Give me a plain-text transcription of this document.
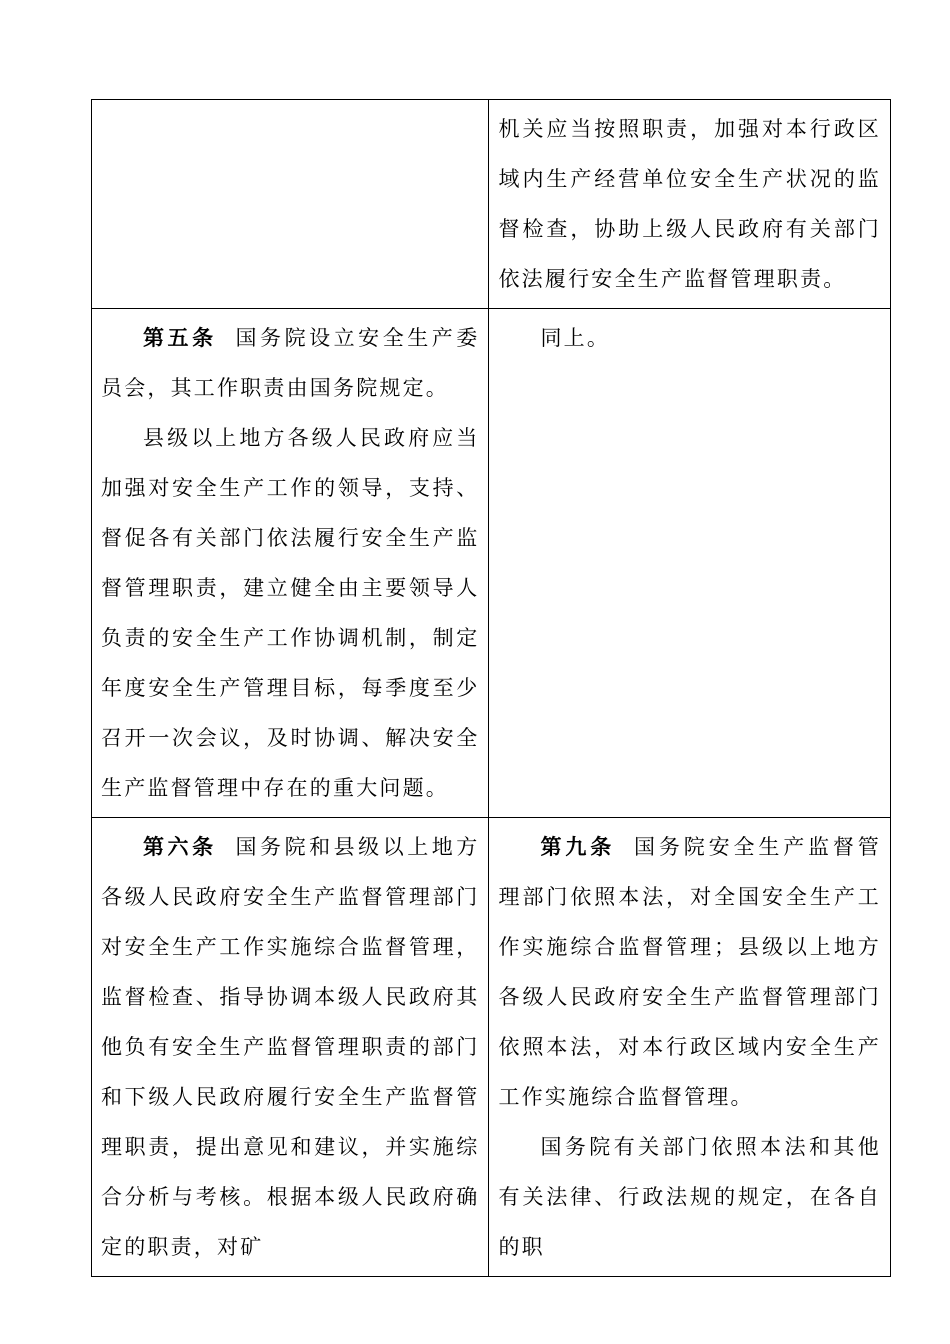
	机关应当按照职责，加强对本行政区域内生产经营单位安全生产状况的监督检查，协助上级人民政府有关部门依法履行安全生产监督管理职责。

第五条 国务院设立安全生产委员会，其工作职责由国务院规定。

县级以上地方各级人民政府应当加强对安全生产工作的领导，支持、督促各有关部门依法履行安全生产监督管理职责，建立健全由主要领导人负责的安全生产工作协调机制，制定年度安全生产管理目标，每季度至少召开一次会议，及时协调、解决安全生产监督管理中存在的重大问题。	同上。

第六条 国务院和县级以上地方各级人民政府安全生产监督管理部门对安全生产工作实施综合监督管理，监督检查、指导协调本级人民政府其他负有安全生产监督管理职责的部门和下级人民政府履行安全生产监督管理职责，提出意见和建议，并实施综合分析与考核。根据本级人民政府确定的职责，对矿	第九条 国务院安全生产监督管理部门依照本法，对全国安全生产工作实施综合监督管理；县级以上地方各级人民政府安全生产监督管理部门依照本法，对本行政区域内安全生产工作实施综合监督管理。

国务院有关部门依照本法和其他有关法律、行政法规的规定，在各自的职
